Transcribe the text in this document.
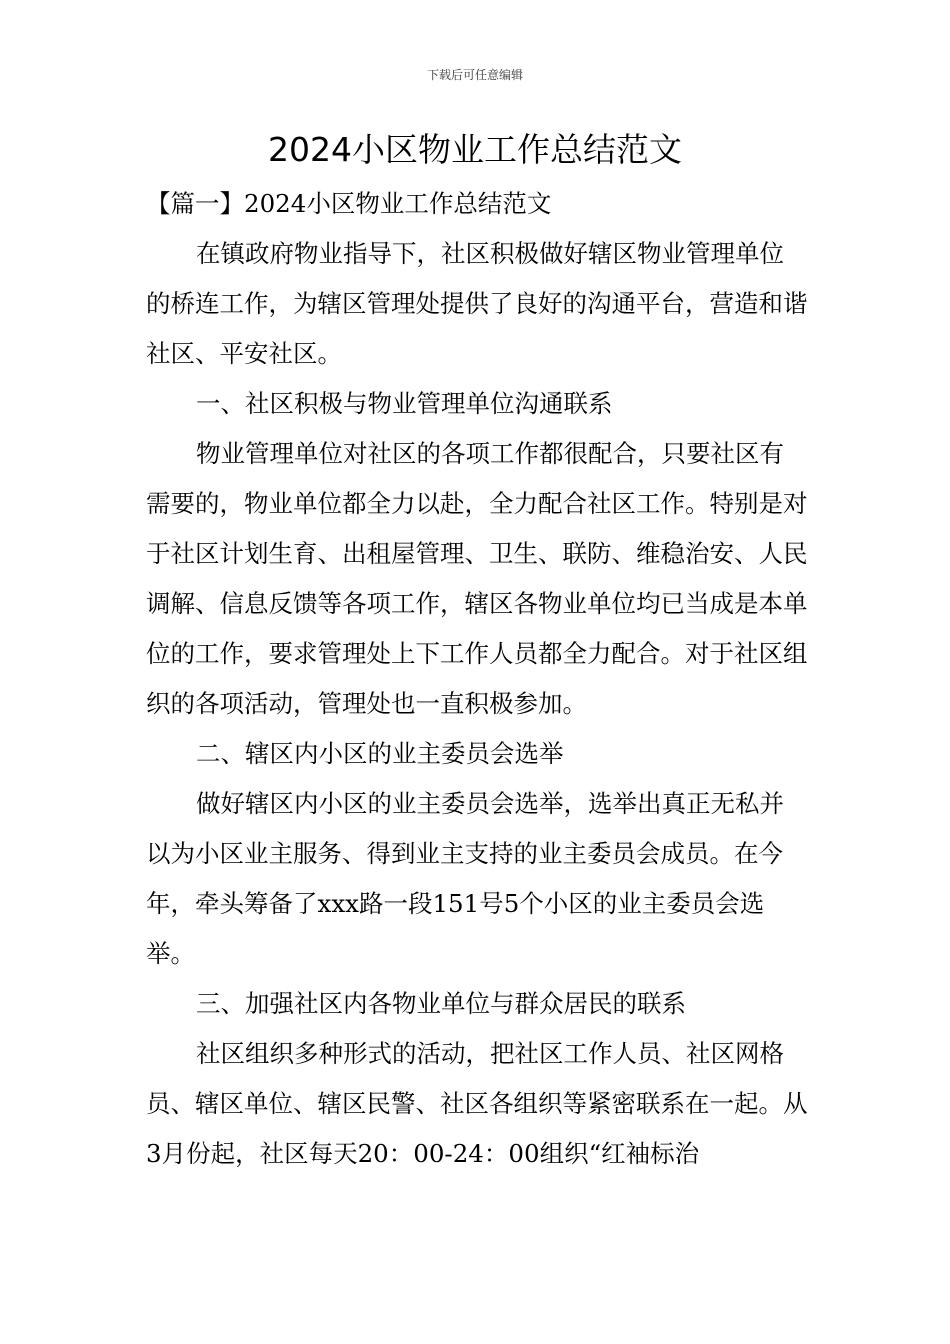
下载后可任意编辑
2024小区物业工作总结范文

【篇一】2024小区物业工作总结范文

在镇政府物业指导下，社区积极做好辖区物业管理单位的桥连工作，为辖区管理处提供了良好的沟通平台，营造和谐社区、平安社区。

一、社区积极与物业管理单位沟通联系

物业管理单位对社区的各项工作都很配合，只要社区有需要的，物业单位都全力以赴，全力配合社区工作。特别是对于社区计划生育、出租屋管理、卫生、联防、维稳治安、人民调解、信息反馈等各项工作，辖区各物业单位均已当成是本单位的工作，要求管理处上下工作人员都全力配合。对于社区组织的各项活动，管理处也一直积极参加。

二、辖区内小区的业主委员会选举

做好辖区内小区的业主委员会选举，选举出真正无私并以为小区业主服务、得到业主支持的业主委员会成员。在今年，牵头筹备了xxx路一段151号5个小区的业主委员会选举。

三、加强社区内各物业单位与群众居民的联系

社区组织多种形式的活动，把社区工作人员、社区网格员、辖区单位、辖区民警、社区各组织等紧密联系在一起。从3月份起，社区每天20：00-24：00组织“红袖标治
